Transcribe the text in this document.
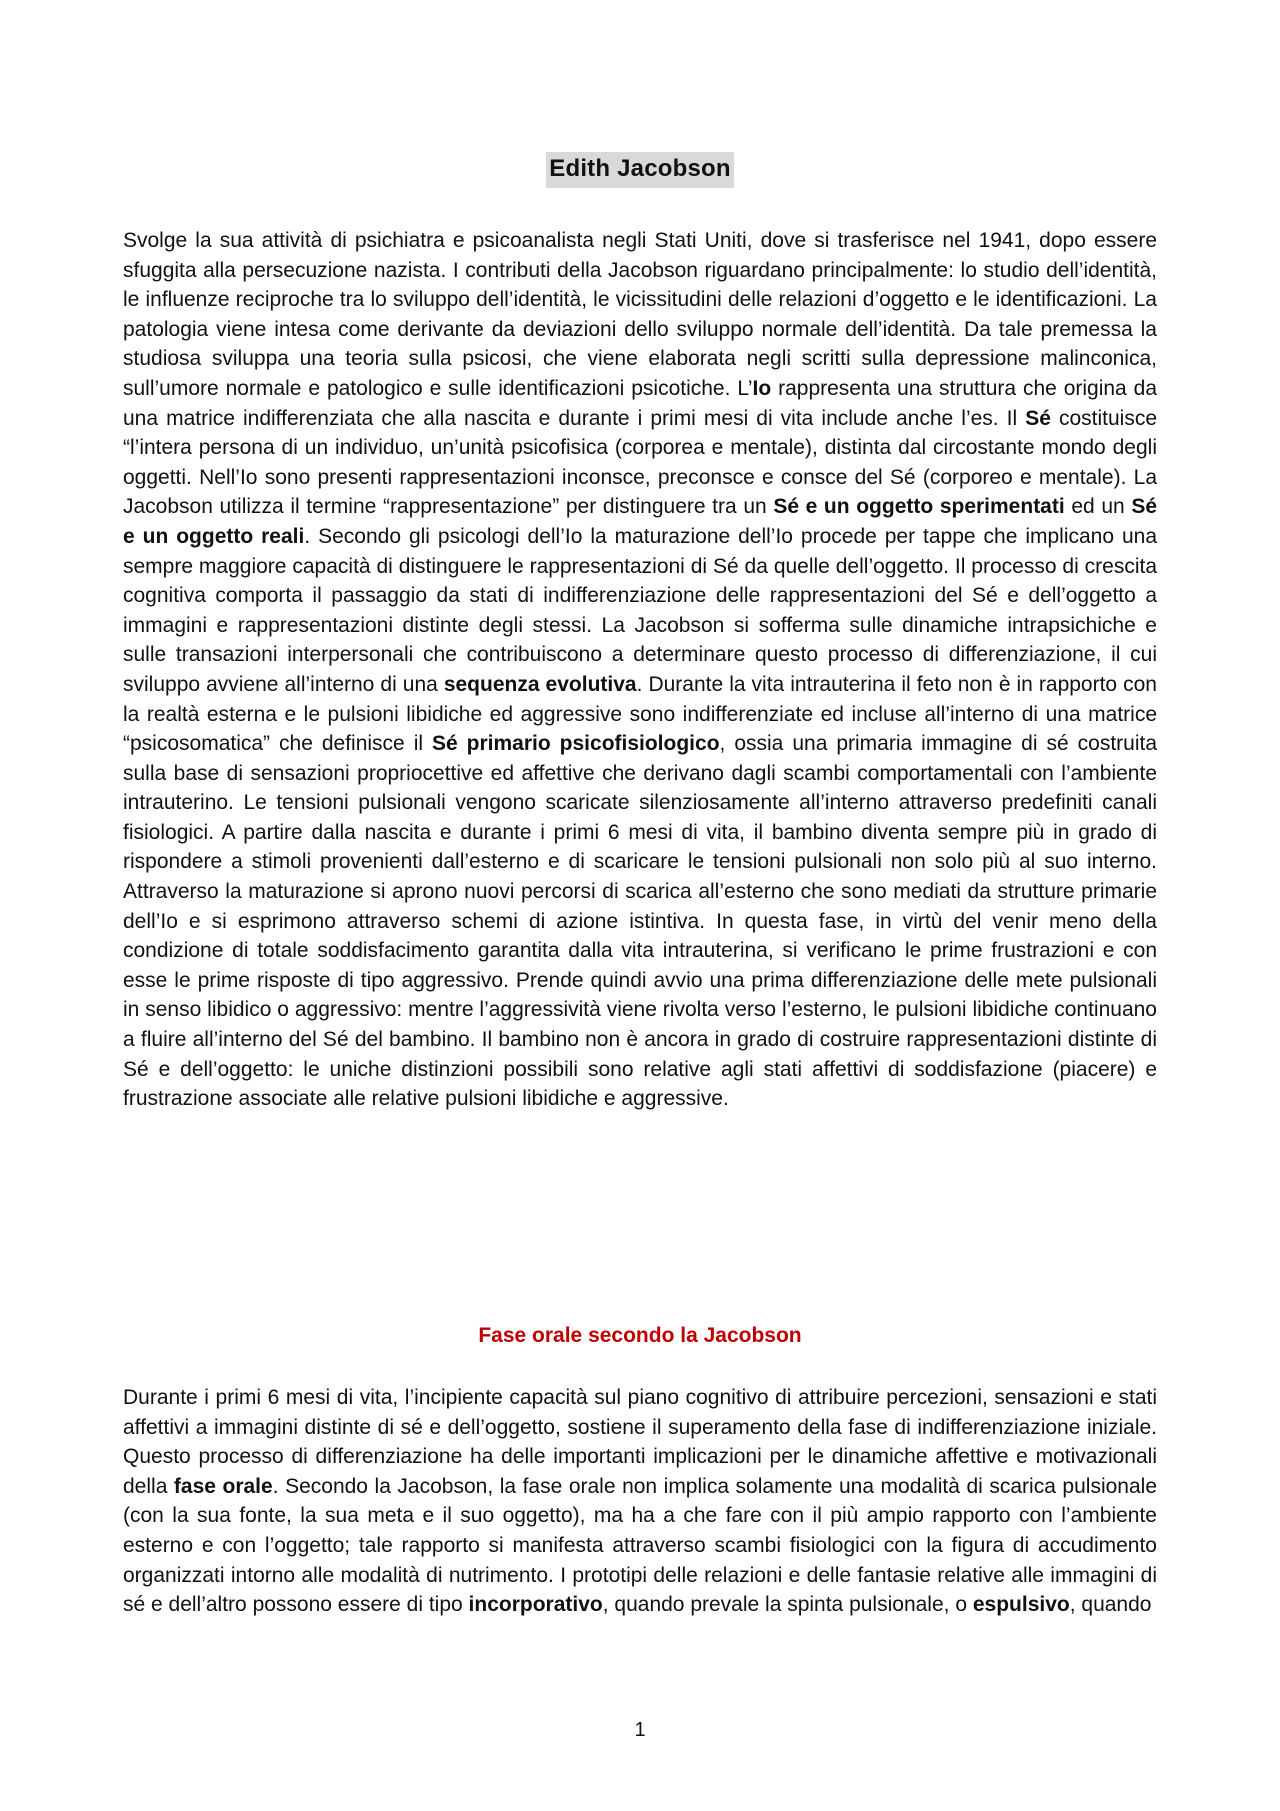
Edith Jacobson

Svolge la sua attività di psichiatra e psicoanalista negli Stati Uniti, dove si trasferisce nel 1941, dopo essere sfuggita alla persecuzione nazista. I contributi della Jacobson riguardano principalmente: lo studio dell’identità, le influenze reciproche tra lo sviluppo dell’identità, le vicissitudini delle relazioni d’oggetto e le identificazioni. La patologia viene intesa come derivante da deviazioni dello sviluppo normale dell’identità. Da tale premessa la studiosa sviluppa una teoria sulla psicosi, che viene elaborata negli scritti sulla depressione malinconica, sull’umore normale e patologico e sulle identificazioni psicotiche. L’Io rappresenta una struttura che origina da una matrice indifferenziata che alla nascita e durante i primi mesi di vita include anche l’es. Il Sé costituisce “l’intera persona di un individuo, un’unità psicofisica (corporea e mentale), distinta dal circostante mondo degli oggetti. Nell’Io sono presenti rappresentazioni inconsce, preconsce e consce del Sé (corporeo e mentale). La Jacobson utilizza il termine “rappresentazione” per distinguere tra un Sé e un oggetto sperimentati ed un Sé e un oggetto reali. Secondo gli psicologi dell’Io la maturazione dell’Io procede per tappe che implicano una sempre maggiore capacità di distinguere le rappresentazioni di Sé da quelle dell’oggetto. Il processo di crescita cognitiva comporta il passaggio da stati di indifferenziazione delle rappresentazioni del Sé e dell’oggetto a immagini e rappresentazioni distinte degli stessi. La Jacobson si sofferma sulle dinamiche intrapsichiche e sulle transazioni interpersonali che contribuiscono a determinare questo processo di differenziazione, il cui sviluppo avviene all’interno di una sequenza evolutiva. Durante la vita intrauterina il feto non è in rapporto con la realtà esterna e le pulsioni libidiche ed aggressive sono indifferenziate ed incluse all’interno di una matrice “psicosomatica” che definisce il Sé primario psicofisiologico, ossia una primaria immagine di sé costruita sulla base di sensazioni propriocettive ed affettive che derivano dagli scambi comportamentali con l’ambiente intrauterino. Le tensioni pulsionali vengono scaricate silenziosamente all’interno attraverso predefiniti canali fisiologici. A partire dalla nascita e durante i primi 6 mesi di vita, il bambino diventa sempre più in grado di rispondere a stimoli provenienti dall’esterno e di scaricare le tensioni pulsionali non solo più al suo interno. Attraverso la maturazione si aprono nuovi percorsi di scarica all’esterno che sono mediati da strutture primarie dell’Io e si esprimono attraverso schemi di azione istintiva. In questa fase, in virtù del venir meno della condizione di totale soddisfacimento garantita dalla vita intrauterina, si verificano le prime frustrazioni e con esse le prime risposte di tipo aggressivo. Prende quindi avvio una prima differenziazione delle mete pulsionali in senso libidico o aggressivo: mentre l’aggressività viene rivolta verso l’esterno, le pulsioni libidiche continuano a fluire all’interno del Sé del bambino. Il bambino non è ancora in grado di costruire rappresentazioni distinte di Sé e dell’oggetto: le uniche distinzioni possibili sono relative agli stati affettivi di soddisfazione (piacere) e frustrazione associate alle relative pulsioni libidiche e aggressive.

Fase orale secondo la Jacobson

Durante i primi 6 mesi di vita, l’incipiente capacità sul piano cognitivo di attribuire percezioni, sensazioni e stati affettivi a immagini distinte di sé e dell’oggetto, sostiene il superamento della fase di indifferenziazione iniziale. Questo processo di differenziazione ha delle importanti implicazioni per le dinamiche affettive e motivazionali della fase orale. Secondo la Jacobson, la fase orale non implica solamente una modalità di scarica pulsionale (con la sua fonte, la sua meta e il suo oggetto), ma ha a che fare con il più ampio rapporto con l’ambiente esterno e con l’oggetto; tale rapporto si manifesta attraverso scambi fisiologici con la figura di accudimento organizzati intorno alle modalità di nutrimento. I prototipi delle relazioni e delle fantasie relative alle immagini di sé e dell’altro possono essere di tipo incorporativo, quando prevale la spinta pulsionale, o espulsivo, quando

1
